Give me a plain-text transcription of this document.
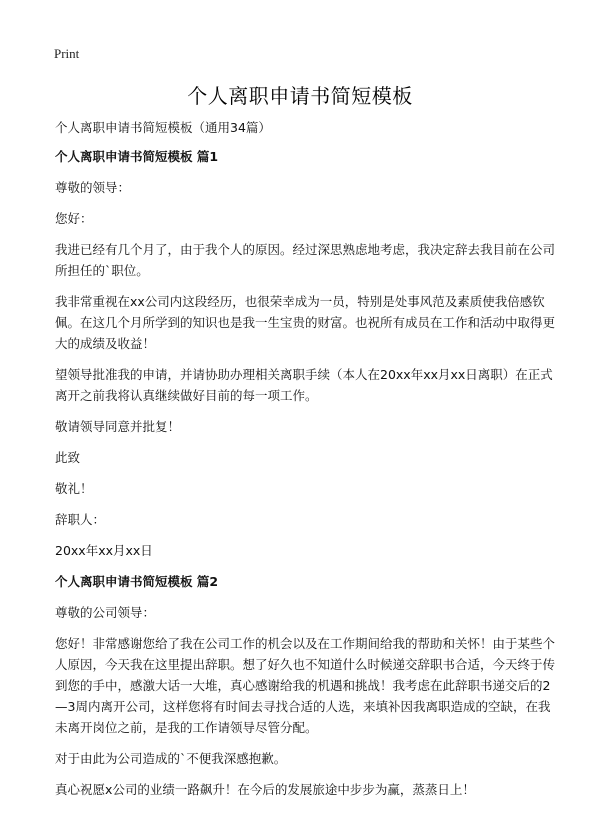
Print
个人离职申请书简短模板

个人离职申请书简短模板（通用34篇）

个人离职申请书简短模板 篇1

尊敬的领导：

您好：

我进已经有几个月了，由于我个人的原因。经过深思熟虑地考虑，我决定辞去我目前在公司所担任的`职位。

我非常重视在xx公司内这段经历，也很荣幸成为一员，特别是处事风范及素质使我倍感钦佩。在这几个月所学到的知识也是我一生宝贵的财富。也祝所有成员在工作和活动中取得更大的成绩及收益！

望领导批准我的申请，并请协助办理相关离职手续（本人在20xx年xx月xx日离职）在正式离开之前我将认真继续做好目前的每一项工作。

敬请领导同意并批复！

此致

敬礼！

辞职人：

20xx年xx月xx日

个人离职申请书简短模板 篇2

尊敬的公司领导：

您好！非常感谢您给了我在公司工作的机会以及在工作期间给我的帮助和关怀！由于某些个人原因，今天我在这里提出辞职。想了好久也不知道什么时候递交辞职书合适，今天终于传到您的手中，感激大话一大堆，真心感谢给我的机遇和挑战！我考虑在此辞职书递交后的2—3周内离开公司，这样您将有时间去寻找合适的人选，来填补因我离职造成的空缺，在我未离开岗位之前，是我的工作请领导尽管分配。

对于由此为公司造成的`不便我深感抱歉。

真心祝愿x公司的业绩一路飙升！在今后的发展旅途中步步为赢，蒸蒸日上！
